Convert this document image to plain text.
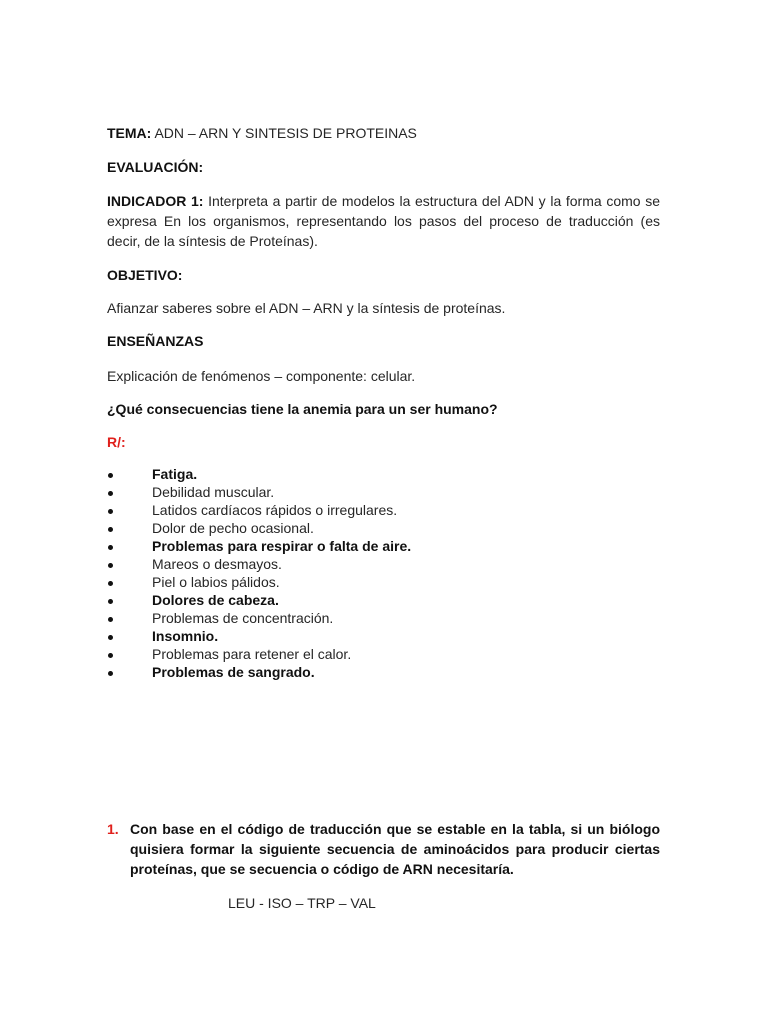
TEMA: ADN – ARN Y SINTESIS DE PROTEINAS
EVALUACIÓN:
INDICADOR 1: Interpreta a partir de modelos la estructura del ADN y la forma como se expresa En los organismos, representando los pasos del proceso de traducción (es decir, de la síntesis de Proteínas).
OBJETIVO:
Afianzar saberes sobre el ADN – ARN y la síntesis de proteínas.
ENSEÑANZAS
Explicación de fenómenos – componente: celular.
¿Qué consecuencias tiene la anemia para un ser humano?
R/:
Fatiga.
Debilidad muscular.
Latidos cardíacos rápidos o irregulares.
Dolor de pecho ocasional.
Problemas para respirar o falta de aire.
Mareos o desmayos.
Piel o labios pálidos.
Dolores de cabeza.
Problemas de concentración.
Insomnio.
Problemas para retener el calor.
Problemas de sangrado.
1. Con base en el código de traducción que se estable en la tabla, si un biólogo quisiera formar la siguiente secuencia de aminoácidos para producir ciertas proteínas, que se secuencia o código de ARN necesitaría.
LEU - ISO – TRP – VAL
